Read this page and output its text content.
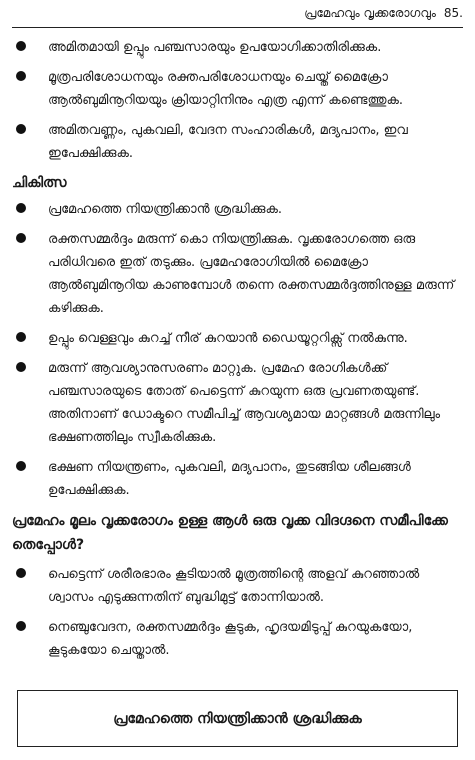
പ്രമേഹവും വൃക്കരോഗവും 85.
അമിതമായി ഉപ്പും പഞ്ചസാരയും ഉപയോഗിക്കാതിരിക്കുക.
മൂത്രപരിശോധനയും രക്തപരിശോധനയും ചെയ്ത് മൈക്രോ ആൽബുമിനൂറിയയും ക്രിയാറ്റിനിനും എത്ര എന്ന് കണ്ടെത്തുക.
അമിതവണ്ണം, പുകവലി, വേദന സംഹാരികൾ, മദ്യപാനം, ഇവ ഇപേക്ഷിക്കുക.
ചികിത്സ
പ്രമേഹത്തെ നിയന്ത്രിക്കാൻ ശ്രദ്ധിക്കുക.
രക്തസമ്മർദ്ദം മരുന്ന് കൊ നിയന്ത്രിക്കുക. വൃക്കരോഗത്തെ ഒരു പരിധിവരെ ഇത് തടുക്കും. പ്രമേഹരോഗിയിൽ മൈക്രോ ആൽബുമിനൂറിയ കാണുമ്പോൾ തന്നെ രക്തസമ്മർദ്ദത്തിനുള്ള മരുന്ന് കഴിക്കുക.
ഉപ്പും വെള്ളവും കുറച്ച് നീര് കുറയാൻ ഡൈയൂറ്ററിക്സ് നൽകുന്നു.
മരുന്ന് ആവശ്യാനുസരണം മാറ്റുക. പ്രമേഹ രോഗികൾക്ക് പഞ്ചസാരയുടെ തോത് പെട്ടെന്ന് കുറയുന്ന ഒരു പ്രവണതയുണ്ട്. അതിനാണ് ഡോക്ടറെ സമീപിച്ച് ആവശ്യമായ മാറ്റങ്ങൾ മരുന്നിലും ഭക്ഷണത്തിലും സ്വീകരിക്കുക.
ഭക്ഷണ നിയന്ത്രണം, പുകവലി, മദ്യപാനം, തുടങ്ങിയ ശീലങ്ങൾ ഉപേക്ഷിക്കുക.
പ്രമേഹം മൂലം വൃക്കരോഗം ഉള്ള ആൾ ഒരു വൃക്ക വിദഗ്ദനെ സമീപിക്കേ തെപ്പോൾ?
പെട്ടെന്ന് ശരീരഭാരം കൂടിയാൽ മൂത്രത്തിന്റെ അളവ് കുറഞ്ഞാൽ ശ്വാസം എടുക്കുന്നതിന് ബുദ്ധിമുട്ട് തോന്നിയാൽ.
നെഞ്ചുവേദന, രക്തസമ്മർദ്ദം കൂടുക, ഹൃദയമിടുപ്പ് കുറയുകയോ, കൂടുകയോ ചെയ്താൽ.
പ്രമേഹത്തെ നിയന്ത്രിക്കാൻ ശ്രദ്ധിക്കുക
